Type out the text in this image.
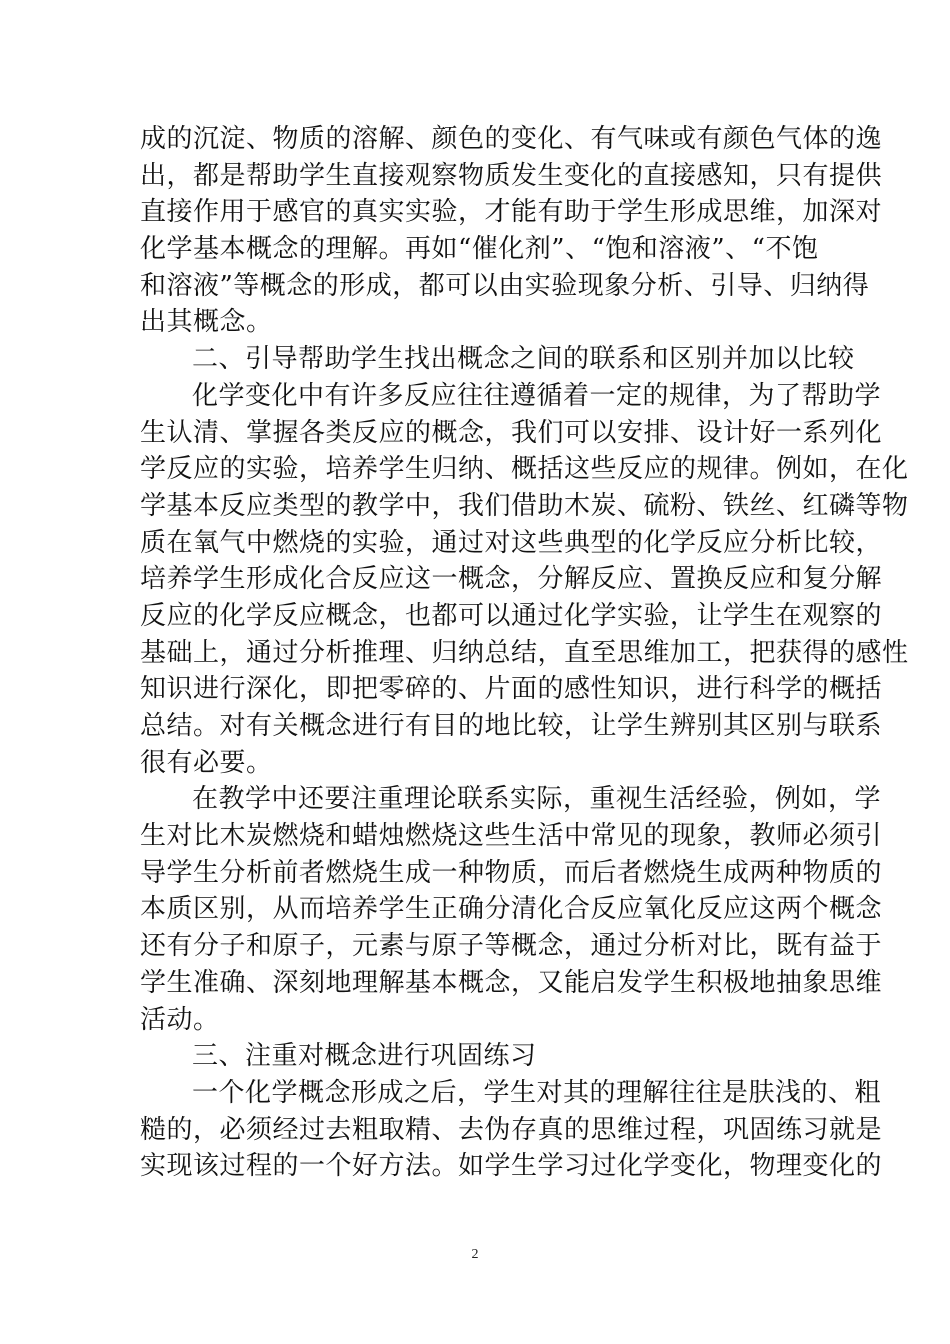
成的沉淀、物质的溶解、颜色的变化、有气味或有颜色气体的逸
出，都是帮助学生直接观察物质发生变化的直接感知，只有提供
直接作用于感官的真实实验，才能有助于学生形成思维，加深对
化学基本概念的理解。再如“催化剂”、“饱和溶液”、“不饱
和溶液”等概念的形成，都可以由实验现象分析、引导、归纳得
出其概念。
二、引导帮助学生找出概念之间的联系和区别并加以比较
化学变化中有许多反应往往遵循着一定的规律，为了帮助学
生认清、掌握各类反应的概念，我们可以安排、设计好一系列化
学反应的实验，培养学生归纳、概括这些反应的规律。例如，在化
学基本反应类型的教学中，我们借助木炭、硫粉、铁丝、红磷等物
质在氧气中燃烧的实验，通过对这些典型的化学反应分析比较，
培养学生形成化合反应这一概念，分解反应、置换反应和复分解
反应的化学反应概念，也都可以通过化学实验，让学生在观察的
基础上，通过分析推理、归纳总结，直至思维加工，把获得的感性
知识进行深化，即把零碎的、片面的感性知识，进行科学的概括
总结。对有关概念进行有目的地比较，让学生辨别其区别与联系
很有必要。
在教学中还要注重理论联系实际，重视生活经验，例如，学
生对比木炭燃烧和蜡烛燃烧这些生活中常见的现象，教师必须引
导学生分析前者燃烧生成一种物质，而后者燃烧生成两种物质的
本质区别，从而培养学生正确分清化合反应氧化反应这两个概念
还有分子和原子，元素与原子等概念，通过分析对比，既有益于
学生准确、深刻地理解基本概念，又能启发学生积极地抽象思维
活动。
三、注重对概念进行巩固练习
一个化学概念形成之后，学生对其的理解往往是肤浅的、粗
糙的，必须经过去粗取精、去伪存真的思维过程，巩固练习就是
实现该过程的一个好方法。如学生学习过化学变化，物理变化的
2
